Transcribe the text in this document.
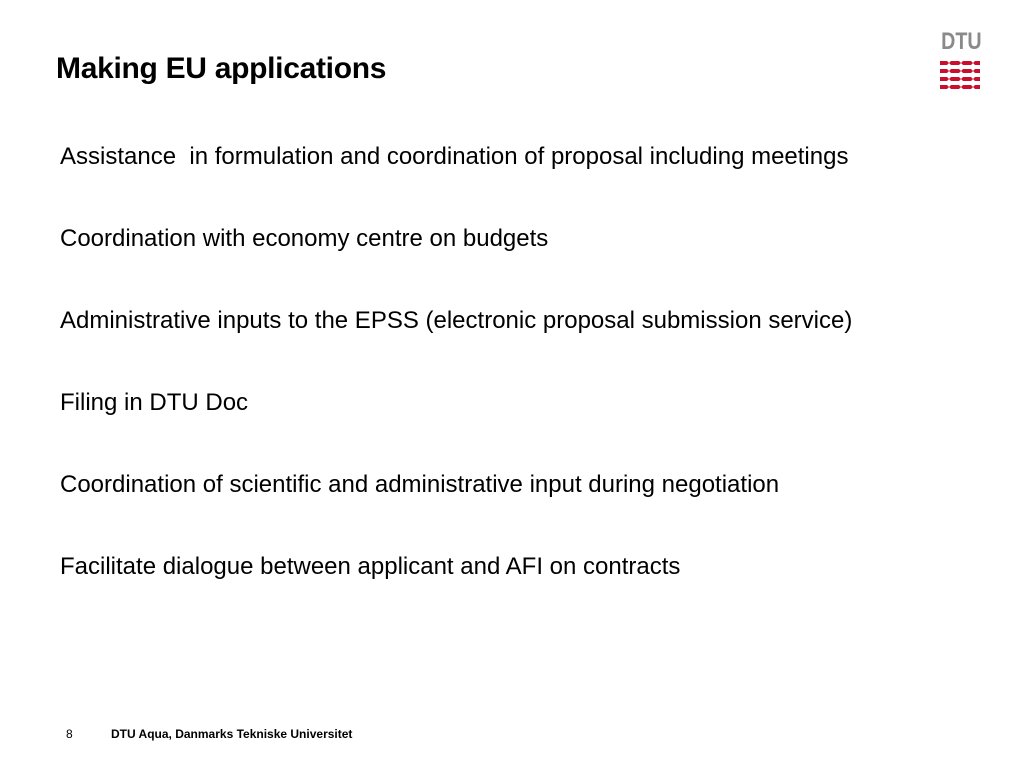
Making EU applications
DTU
Assistance  in formulation and coordination of proposal including meetings
Coordination with economy centre on budgets
Administrative inputs to the EPSS (electronic proposal submission service)
Filing in DTU Doc
Coordination of scientific and administrative input during negotiation
Facilitate dialogue between applicant and AFI on contracts
8	DTU Aqua, Danmarks Tekniske Universitet
